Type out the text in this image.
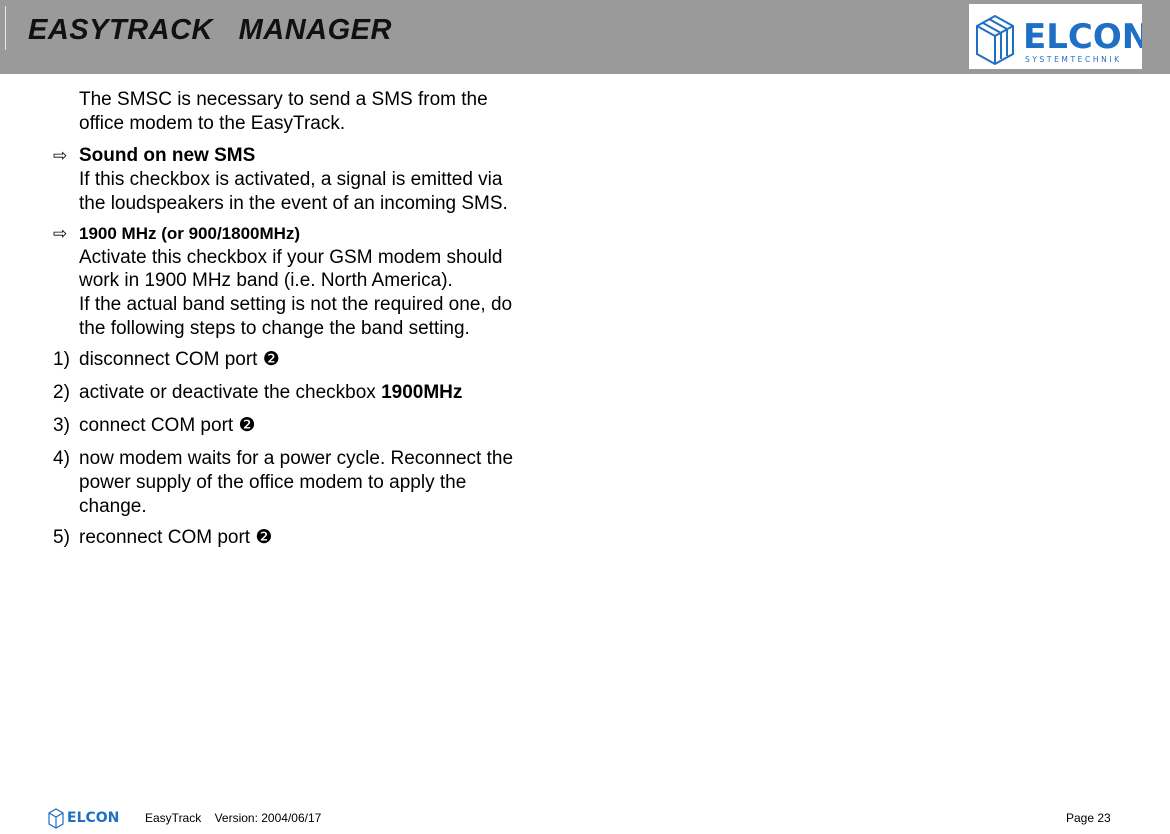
EASYTRACK   MANAGER	ELCON
SYSTEMTECHNIK
The SMSC is necessary to send a SMS from the
office modem to the EasyTrack.
⇨ Sound on new SMS
If this checkbox is activated, a signal is emitted via
the loudspeakers in the event of an incoming SMS.
⇨ 1900 MHz (or 900/1800MHz)
Activate this checkbox if your GSM modem should
work in 1900 MHz band (i.e. North America).
If the actual band setting is not the required one, do
the following steps to change the band setting.
1) disconnect COM port ❷
2) activate or deactivate the checkbox 1900MHz
3) connect COM port ❷
4) now modem waits for a power cycle. Reconnect the
power supply of the office modem to apply the
change.
5) reconnect COM port ❷
ELCON EasyTrack    Version: 2004/06/17	Page 23
